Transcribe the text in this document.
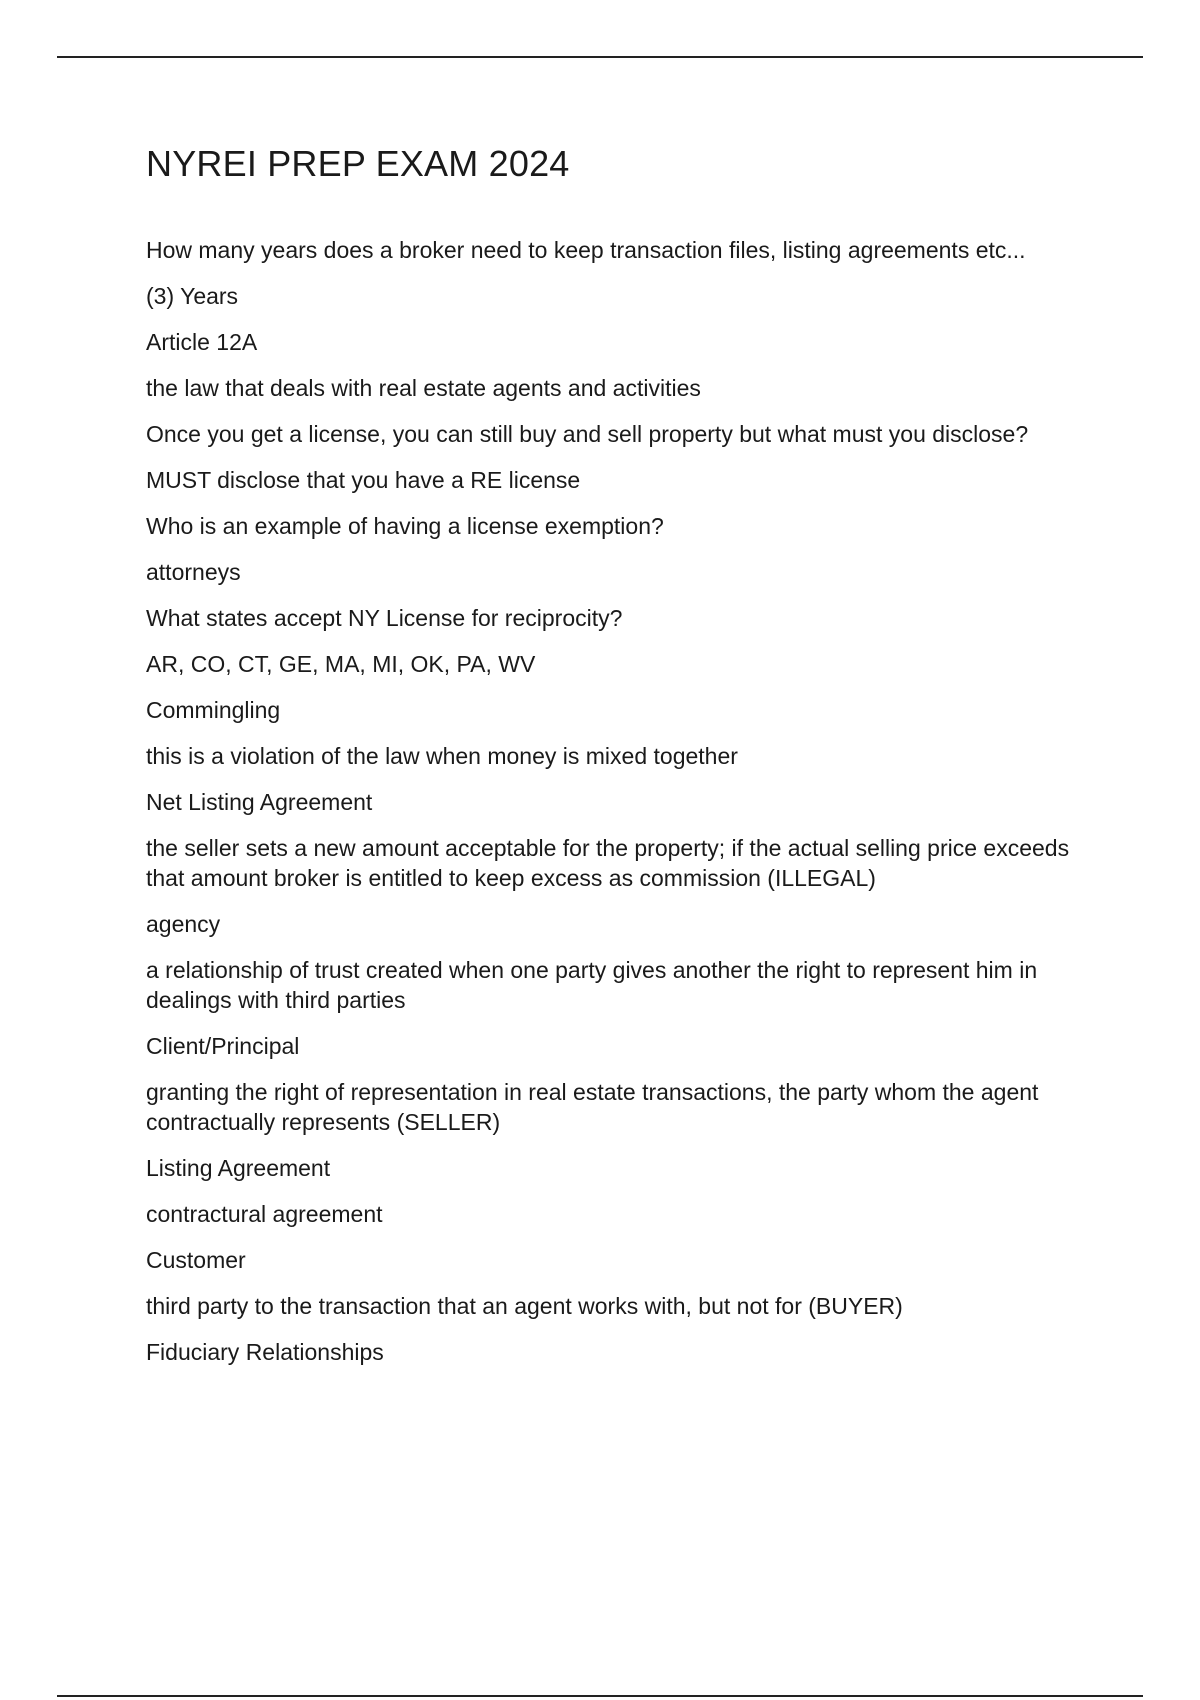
NYREI PREP EXAM 2024

How many years does a broker need to keep transaction files, listing agreements etc...

(3) Years

Article 12A

the law that deals with real estate agents and activities

Once you get a license, you can still buy and sell property but what must you disclose?

MUST disclose that you have a RE license

Who is an example of having a license exemption?

attorneys

What states accept NY License for reciprocity?

AR, CO, CT, GE, MA, MI, OK, PA, WV

Commingling

this is a violation of the law when money is mixed together

Net Listing Agreement

the seller sets a new amount acceptable for the property; if the actual selling price exceeds that amount broker is entitled to keep excess as commission (ILLEGAL)

agency

a relationship of trust created when one party gives another the right to represent him in dealings with third parties

Client/Principal

granting the right of representation in real estate transactions, the party whom the agent contractually represents (SELLER)

Listing Agreement

contractural agreement

Customer

third party to the transaction that an agent works with, but not for (BUYER)

Fiduciary Relationships
